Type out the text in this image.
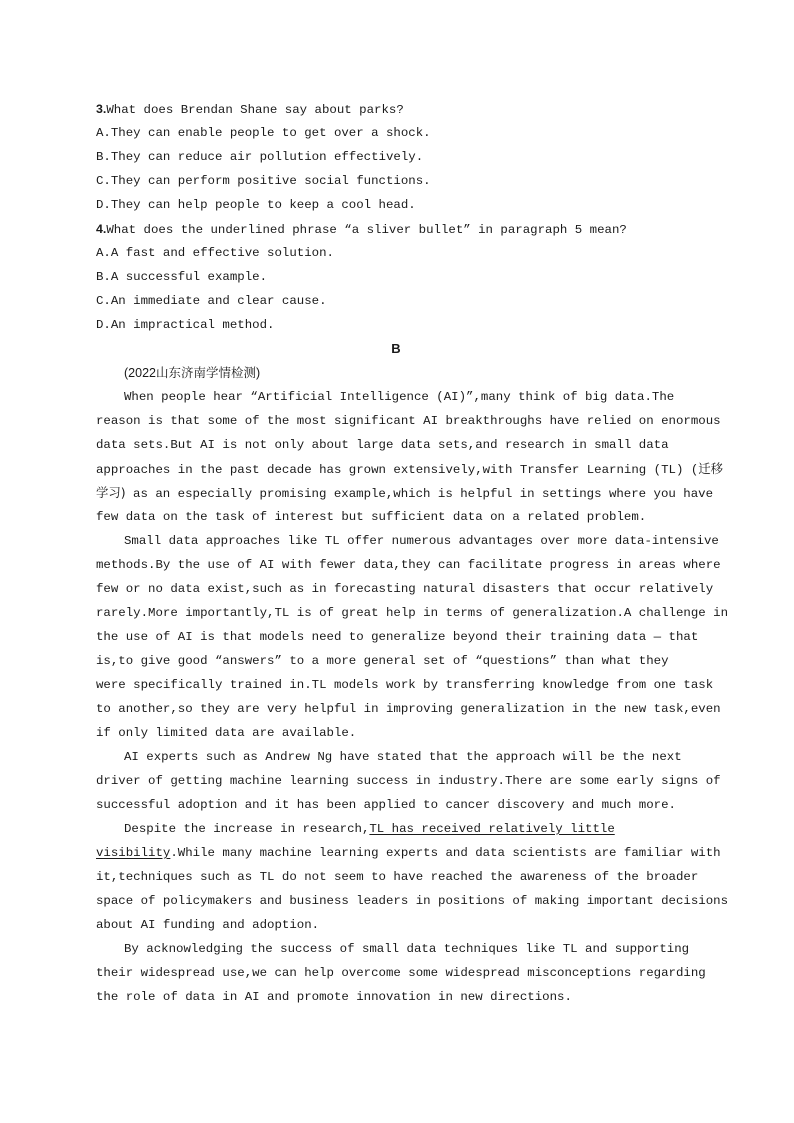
3.What does Brendan Shane say about parks?
A.They can enable people to get over a shock.
B.They can reduce air pollution effectively.
C.They can perform positive social functions.
D.They can help people to keep a cool head.
4.What does the underlined phrase “a sliver bullet” in paragraph 5 mean?
A.A fast and effective solution.
B.A successful example.
C.An immediate and clear cause.
D.An impractical method.
B
(2022山东济南学情检测)
When people hear “Artificial Intelligence (AI)”,many think of big data.The
reason is that some of the most significant AI breakthroughs have relied on enormous
data sets.But AI is not only about large data sets,and research in small data
approaches in the past decade has grown extensively,with Transfer Learning (TL) (迁移
学习) as an especially promising example,which is helpful in settings where you have
few data on the task of interest but sufficient data on a related problem.
Small data approaches like TL offer numerous advantages over more data-intensive
methods.By the use of AI with fewer data,they can facilitate progress in areas where
few or no data exist,such as in forecasting natural disasters that occur relatively
rarely.More importantly,TL is of great help in terms of generalization.A challenge in
the use of AI is that models need to generalize beyond their training data — that
is,to give good “answers” to a more general set of “questions” than what they
were specifically trained in.TL models work by transferring knowledge from one task
to another,so they are very helpful in improving generalization in the new task,even
if only limited data are available.
AI experts such as Andrew Ng have stated that the approach will be the next
driver of getting machine learning success in industry.There are some early signs of
successful adoption and it has been applied to cancer discovery and much more.
Despite the increase in research,TL has received relatively little
visibility.While many machine learning experts and data scientists are familiar with
it,techniques such as TL do not seem to have reached the awareness of the broader
space of policymakers and business leaders in positions of making important decisions
about AI funding and adoption.
By acknowledging the success of small data techniques like TL and supporting
their widespread use,we can help overcome some widespread misconceptions regarding
the role of data in AI and promote innovation in new directions.
